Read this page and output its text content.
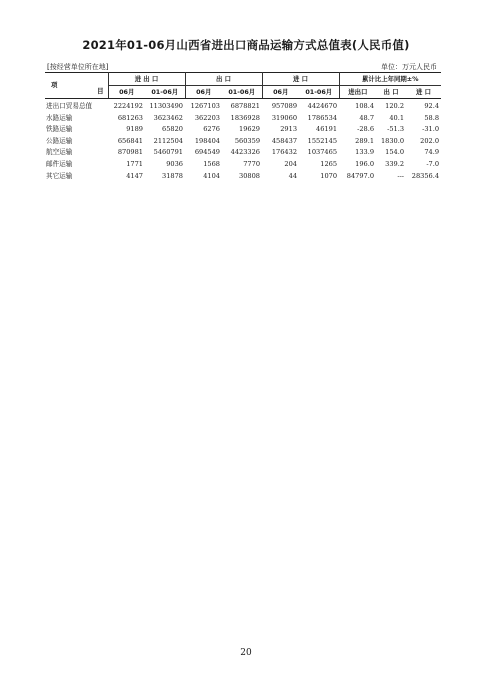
2021年01-06月山西省进出口商品运输方式总值表(人民币值)
[按经营单位所在地]	单位：万元人民币
项
目	进 出 口		出 口		进 口		累计比上年同期±%		
	06月	01-06月	06月	01-06月	06月	01-06月	进出口	出 口	进 口
进出口贸易总值	2224192	11303490	1267103	6878821	957089	4424670	108.4	120.2	92.4
水路运输	681263	3623462	362203	1836928	319060	1786534	48.7	40.1	58.8
铁路运输	9189	65820	6276	19629	2913	46191	-28.6	-51.3	-31.0
公路运输	656841	2112504	198404	560359	458437	1552145	289.1	1830.0	202.0
航空运输	870981	5460791	694549	4423326	176432	1037465	133.9	154.0	74.9
邮件运输	1771	9036	1568	7770	204	1265	196.0	339.2	-7.0
其它运输	4147	31878	4104	30808	44	1070	84797.0	---	28356.4
20
